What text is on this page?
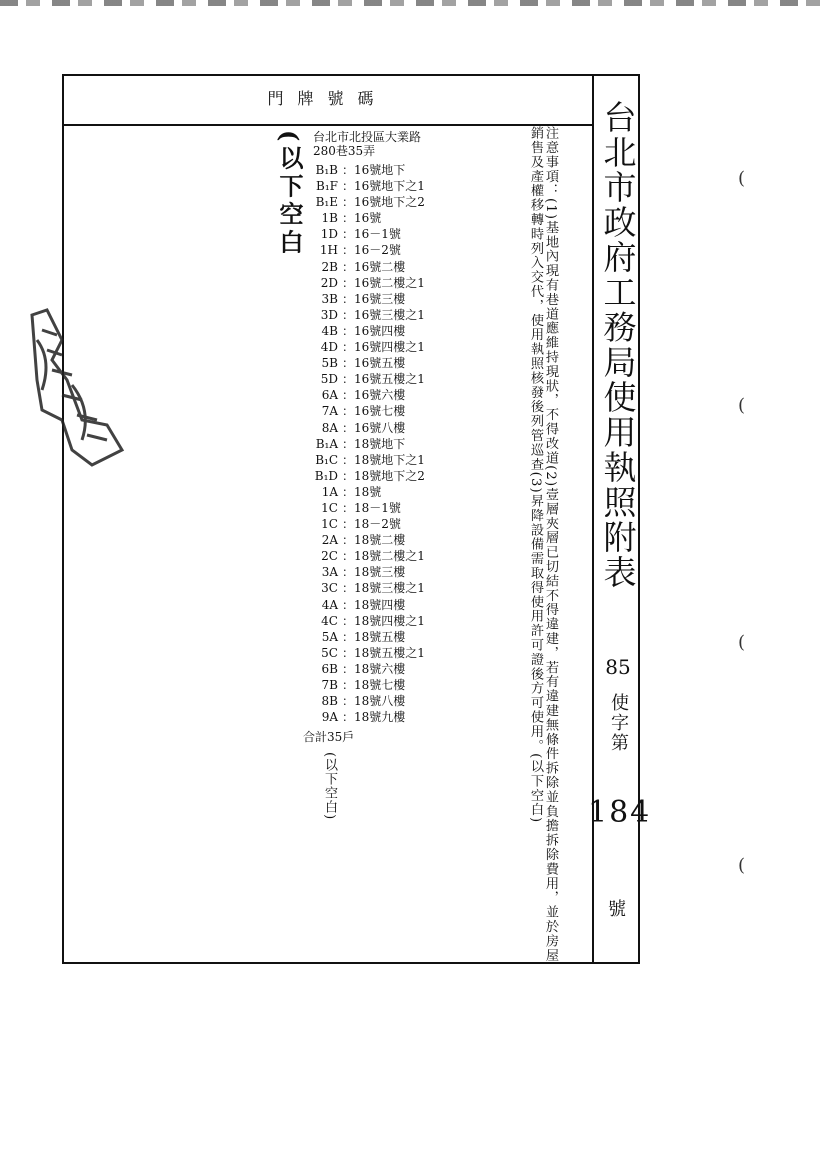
門牌號碼
台北市政府工務局使用執照附表
85
使字第
184
號
台北市北投區大業路
280巷35弄
B₁B ：16號地下
B₁F ：16號地下之1
B₁E ：16號地下之2
1B ：16號
1D ：16－1號
1H ：16－2號
2B ：16號二樓
2D ：16號二樓之1
3B ：16號三樓
3D ：16號三樓之1
4B ：16號四樓
4D ：16號四樓之1
5B ：16號五樓
5D ：16號五樓之1
6A ：16號六樓
7A ：16號七樓
8A ：16號八樓
B₁A ：18號地下
B₁C ：18號地下之1
B₁D ：18號地下之2
1A ：18號
1C ：18－1號
1C ：18－2號
2A ：18號二樓
2C ：18號二樓之1
3A ：18號三樓
3C ：18號三樓之1
4A ：18號四樓
4C ：18號四樓之1
5A ：18號五樓
5C ：18號五樓之1
6B ：18號六樓
7B ：18號七樓
8B ：18號八樓
9A ：18號九樓
合計35戶
(以下空白)
(以下空白	注意事項：(1)基地內現有巷道應維持現狀，不得改道(2)壹層夾層已切結不得違建，若有違建無條件拆除並負擔拆除費用，並於房屋銷售及產權移轉時列入交代，使用執照核發後列管巡查(3)昇降設備需取得使用許可證後方可使用。(以下空白)	(
(
(
(
